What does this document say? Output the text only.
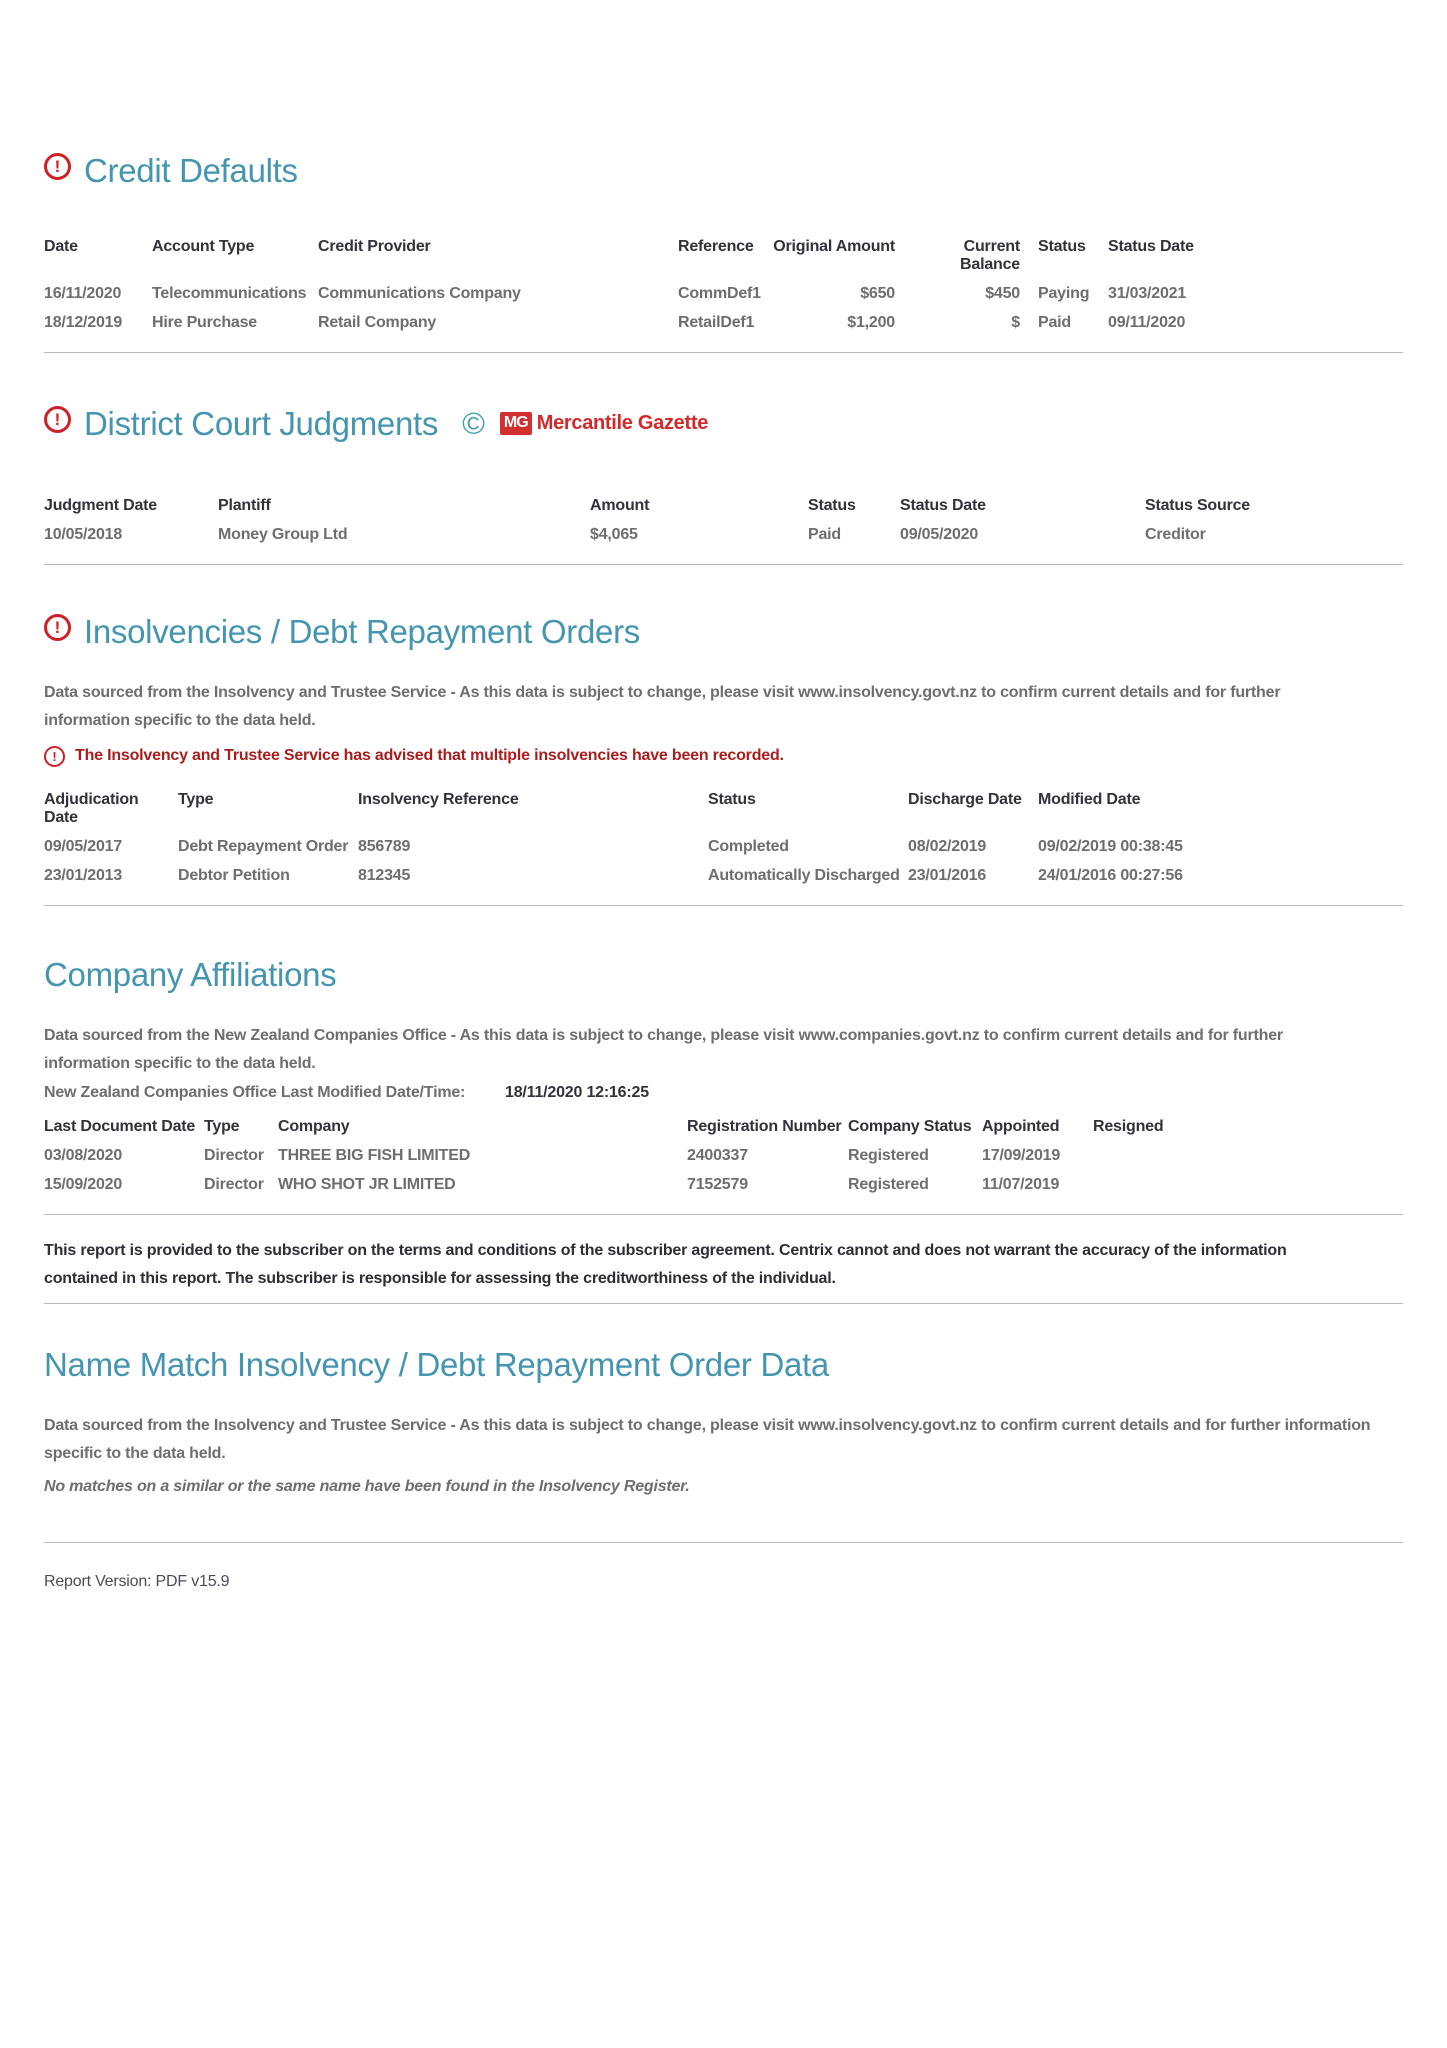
! Credit Defaults
Date	Account Type	Credit Provider	Reference	Original Amount	Current Balance	Status	Status Date
16/11/2020	Telecommunications	Communications Company	CommDef1	$650	$450	Paying	31/03/2021
18/12/2019	Hire Purchase	Retail Company	RetailDef1	$1,200	$	Paid	09/11/2020
! District Court Judgments © MG Mercantile Gazette
Judgment Date	Plantiff	Amount	Status	Status Date	Status Source
10/05/2018	Money Group Ltd	$4,065	Paid	09/05/2020	Creditor
! Insolvencies / Debt Repayment Orders

Data sourced from the Insolvency and Trustee Service - As this data is subject to change, please visit www.insolvency.govt.nz to confirm current details and for further information specific to the data held.

!	The Insolvency and Trustee Service has advised that multiple insolvencies have been recorded.
Adjudication Date	Type	Insolvency Reference	Status	Discharge Date	Modified Date
09/05/2017	Debt Repayment Order	856789	Completed	08/02/2019	09/02/2019 00:38:45
23/01/2013	Debtor Petition	812345	Automatically Discharged	23/01/2016	24/01/2016 00:27:56
Company Affiliations

Data sourced from the New Zealand Companies Office - As this data is subject to change, please visit www.companies.govt.nz to confirm current details and for further information specific to the data held.

New Zealand Companies Office Last Modified Date/Time: 18/11/2020 12:16:25
Last Document Date	Type	Company	Registration Number	Company Status	Appointed	Resigned
03/08/2020	Director	THREE BIG FISH LIMITED	2400337	Registered	17/09/2019	
15/09/2020	Director	WHO SHOT JR LIMITED	7152579	Registered	11/07/2019	

This report is provided to the subscriber on the terms and conditions of the subscriber agreement. Centrix cannot and does not warrant the accuracy of the information contained in this report. The subscriber is responsible for assessing the creditworthiness of the individual.

Name Match Insolvency / Debt Repayment Order Data

Data sourced from the Insolvency and Trustee Service - As this data is subject to change, please visit www.insolvency.govt.nz to confirm current details and for further information specific to the data held.

No matches on a similar or the same name have been found in the Insolvency Register.

Report Version: PDF v15.9
